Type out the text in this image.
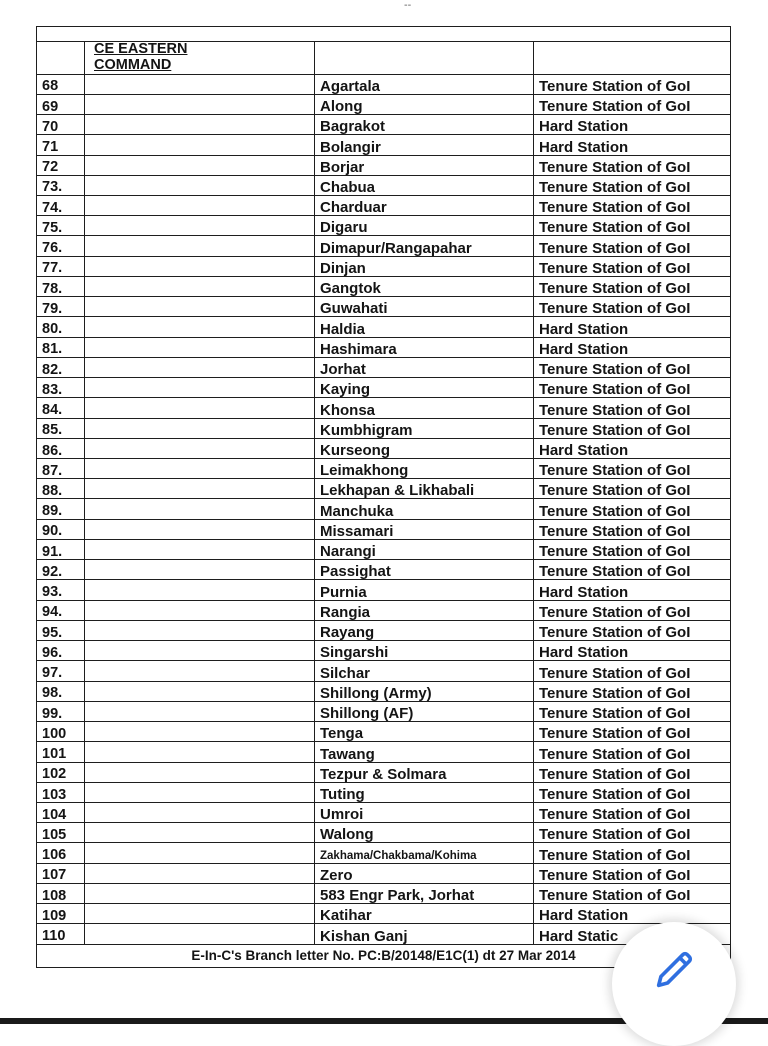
--

	CE EASTERN
COMMAND		

68		Agartala	Tenure Station of GoI
69		Along	Tenure Station of GoI
70		Bagrakot	Hard Station
71		Bolangir	Hard Station
72		Borjar	Tenure Station of GoI
73.		Chabua	Tenure Station of GoI
74.		Charduar	Tenure Station of GoI
75.		Digaru	Tenure Station of GoI
76.		Dimapur/Rangapahar	Tenure Station of GoI
77.		Dinjan	Tenure Station of GoI
78.		Gangtok	Tenure Station of GoI
79.		Guwahati	Tenure Station of GoI
80.		Haldia	Hard Station
81.		Hashimara	Hard Station
82.		Jorhat	Tenure Station of GoI
83.		Kaying	Tenure Station of GoI
84.		Khonsa	Tenure Station of GoI
85.		Kumbhigram	Tenure Station of GoI
86.		Kurseong	Hard Station
87.		Leimakhong	Tenure Station of GoI
88.		Lekhapan & Likhabali	Tenure Station of GoI
89.		Manchuka	Tenure Station of GoI
90.		Missamari	Tenure Station of GoI
91.		Narangi	Tenure Station of GoI
92.		Passighat	Tenure Station of GoI
93.		Purnia	Hard Station
94.		Rangia	Tenure Station of GoI
95.		Rayang	Tenure Station of GoI
96.		Singarshi	Hard Station
97.		Silchar	Tenure Station of GoI
98.		Shillong (Army)	Tenure Station of GoI
99.		Shillong (AF)	Tenure Station of GoI
100		Tenga	Tenure Station of GoI
101		Tawang	Tenure Station of GoI
102		Tezpur & Solmara	Tenure Station of GoI
103		Tuting	Tenure Station of GoI
104		Umroi	Tenure Station of GoI
105		Walong	Tenure Station of GoI
106		Zakhama/Chakbama/Kohima	Tenure Station of GoI
107		Zero	Tenure Station of GoI
108		583 Engr Park, Jorhat	Tenure Station of GoI
109		Katihar	Hard Station
110		Kishan Ganj	Hard Static
E-In-C's Branch letter No. PC:B/20148/E1C(1) dt 27 Mar 2014			
